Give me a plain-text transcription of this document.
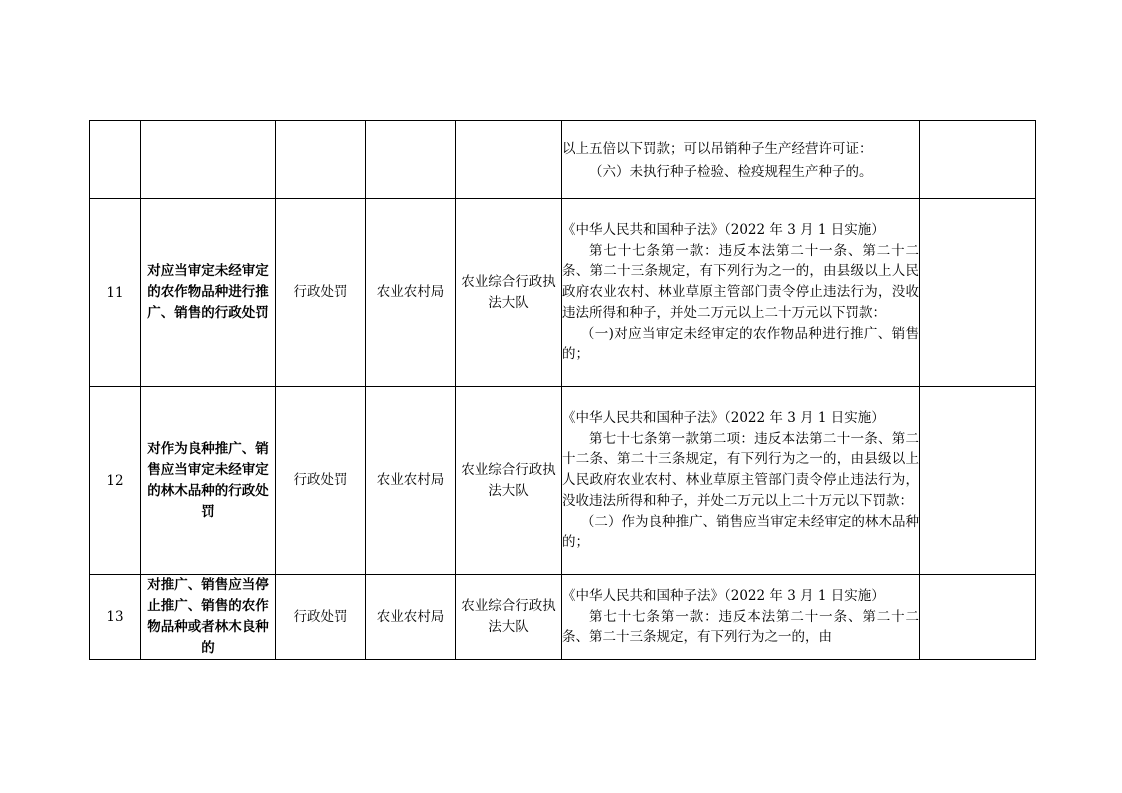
					以上五倍以下罚款；可以吊销种子生产经营许可证：

（六）未执行种子检验、检疫规程生产种子的。	

11	对应当审定未经审定的农作物品种进行推广、销售的行政处罚	行政处罚	农业农村局	农业综合行政执法大队	《中华人民共和国种子法》（2022 年 3 月 1 日实施）

第七十七条第一款：违反本法第二十一条、第二十二条、第二十三条规定，有下列行为之一的，由县级以上人民政府农业农村、林业草原主管部门责令停止违法行为，没收违法所得和种子，并处二万元以上二十万元以下罚款：

（一)对应当审定未经审定的农作物品种进行推广、销售的；	

12	对作为良种推广、销售应当审定未经审定的林木品种的行政处罚	行政处罚	农业农村局	农业综合行政执法大队	《中华人民共和国种子法》（2022 年 3 月 1 日实施）

第七十七条第一款第二项：违反本法第二十一条、第二十二条、第二十三条规定，有下列行为之一的，由县级以上人民政府农业农村、林业草原主管部门责令停止违法行为，没收违法所得和种子，并处二万元以上二十万元以下罚款：

（二）作为良种推广、销售应当审定未经审定的林木品种的；	

13	对推广、销售应当停止推广、销售的农作物品种或者林木良种的	行政处罚	农业农村局	农业综合行政执法大队	《中华人民共和国种子法》（2022 年 3 月 1 日实施）

第七十七条第一款：违反本法第二十一条、第二十二条、第二十三条规定，有下列行为之一的，由	
